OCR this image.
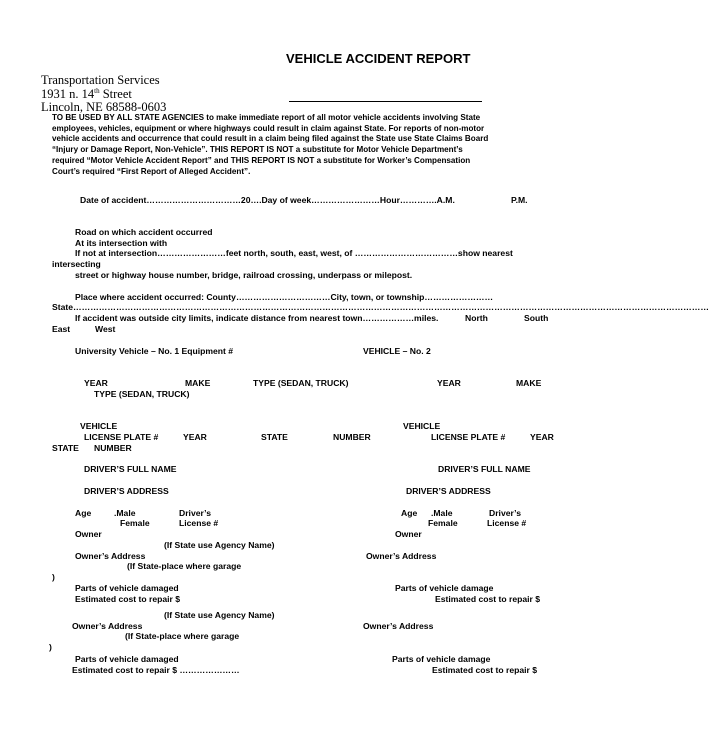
VEHICLE ACCIDENT REPORT
Transportation Services
1931 n. 14th Street
Lincoln, NE 68588-0603
TO BE USED BY ALL STATE AGENCIES to make immediate report of all motor vehicle accidents involving State
employees, vehicles, equipment or where highways could result in claim against State. For reports of non-motor
vehicle accidents and occurrence that could result in a claim being filed against the State use State Claims Board
“Injury or Damage Report, Non-Vehicle”. THIS REPORT IS NOT a substitute for Motor Vehicle Department’s
required “Motor Vehicle Accident Report” and THIS REPORT IS NOT a substitute for Worker’s Compensation
Court’s required “First Report of Alleged Accident”.
Date of accident……………………………20….Day of week……………………Hour………….A.M.	P.M.
Road on which accident occurred
At its intersection with
If not at intersection……………………feet north, south, east, west, of ………………………………show nearest
intersecting
street or highway house number, bridge, railroad crossing, underpass or milepost.
Place where accident occurred: County……………………………City, town, or township……………………
State……………………………………………………………………………………………………………………………………………………………………………………………………
If accident was outside city limits, indicate distance from nearest town………………miles.	North	South
East	West
University Vehicle – No. 1 Equipment #	VEHICLE – No. 2
YEAR	MAKE	TYPE (SEDAN, TRUCK)	YEAR	MAKE
TYPE (SEDAN, TRUCK)
VEHICLE	VEHICLE
LICENSE PLATE #	YEAR	STATE	NUMBER	LICENSE PLATE #	YEAR
STATE NUMBER
DRIVER’S FULL NAME	DRIVER’S FULL NAME
DRIVER’S ADDRESS	DRIVER’S ADDRESS
Age	.Male	Driver’s	Age .Male	Driver’s
Female	License #	Female	License #
Owner	Owner
(If State use Agency Name)
Owner’s Address	Owner’s Address
(If State-place where garage
)
Parts of vehicle damaged	Parts of vehicle damage
Estimated cost to repair $	Estimated cost to repair $
(If State use Agency Name)
Owner’s Address	Owner’s Address
(If State-place where garage
)
Parts of vehicle damaged	Parts of vehicle damage
Estimated cost to repair $ …………………	Estimated cost to repair $
